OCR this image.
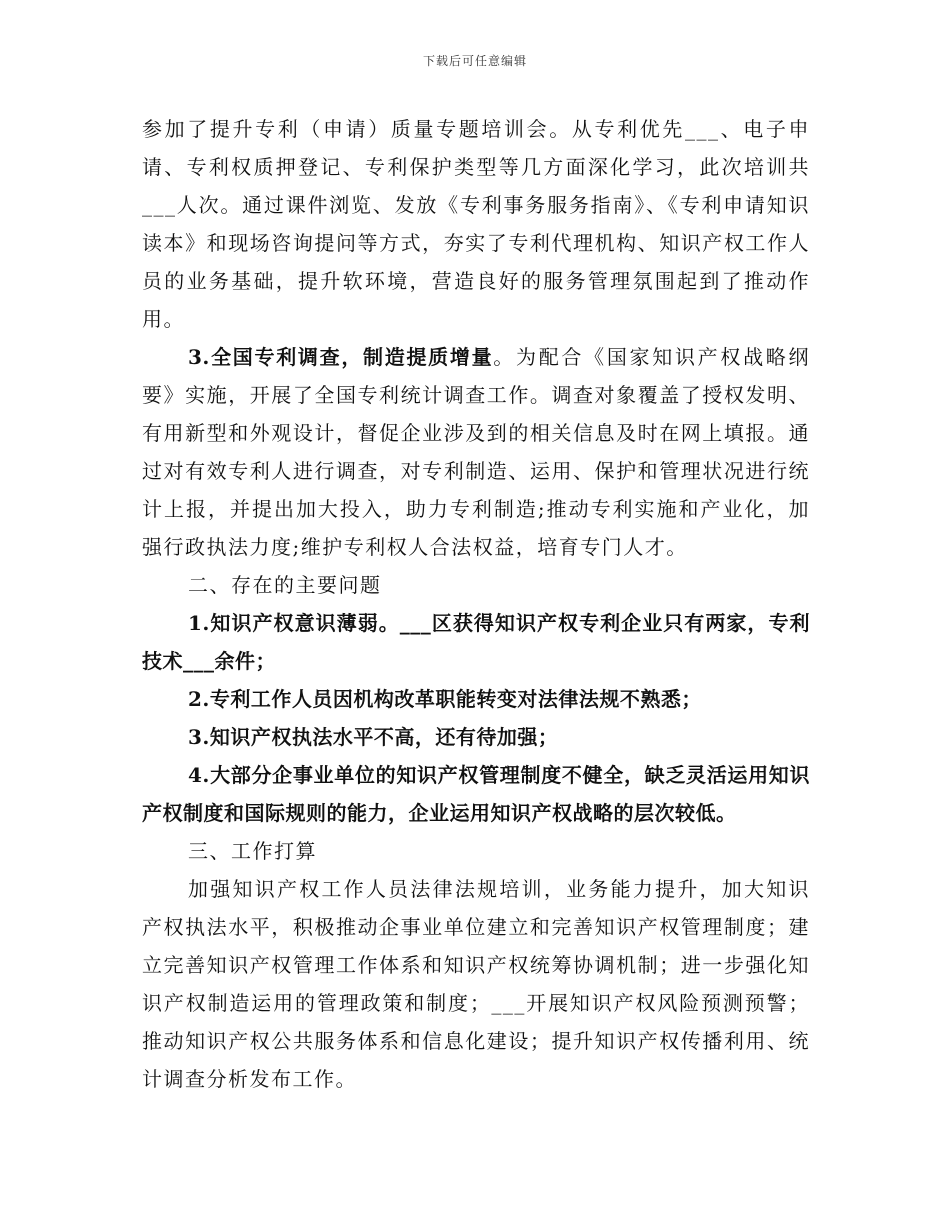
下载后可任意编辑

参加了提升专利（申请）质量专题培训会。从专利优先___、电子申请、专利权质押登记、专利保护类型等几方面深化学习，此次培训共___人次。通过课件浏览、发放《专利事务服务指南》、《专利申请知识读本》和现场咨询提问等方式，夯实了专利代理机构、知识产权工作人员的业务基础，提升软环境，营造良好的服务管理氛围起到了推动作用。

3.全国专利调查，制造提质增量。为配合《国家知识产权战略纲要》实施，开展了全国专利统计调查工作。调查对象覆盖了授权发明、有用新型和外观设计，督促企业涉及到的相关信息及时在网上填报。通过对有效专利人进行调查，对专利制造、运用、保护和管理状况进行统计上报，并提出加大投入，助力专利制造;推动专利实施和产业化，加强行政执法力度;维护专利权人合法权益，培育专门人才。

二、存在的主要问题

1.知识产权意识薄弱。___区获得知识产权专利企业只有两家，专利技术___余件；

2.专利工作人员因机构改革职能转变对法律法规不熟悉；

3.知识产权执法水平不高，还有待加强；

4.大部分企事业单位的知识产权管理制度不健全，缺乏灵活运用知识产权制度和国际规则的能力，企业运用知识产权战略的层次较低。

三、工作打算

加强知识产权工作人员法律法规培训，业务能力提升，加大知识产权执法水平，积极推动企事业单位建立和完善知识产权管理制度；建立完善知识产权管理工作体系和知识产权统筹协调机制；进一步强化知识产权制造运用的管理政策和制度；___开展知识产权风险预测预警；推动知识产权公共服务体系和信息化建设；提升知识产权传播利用、统计调查分析发布工作。
